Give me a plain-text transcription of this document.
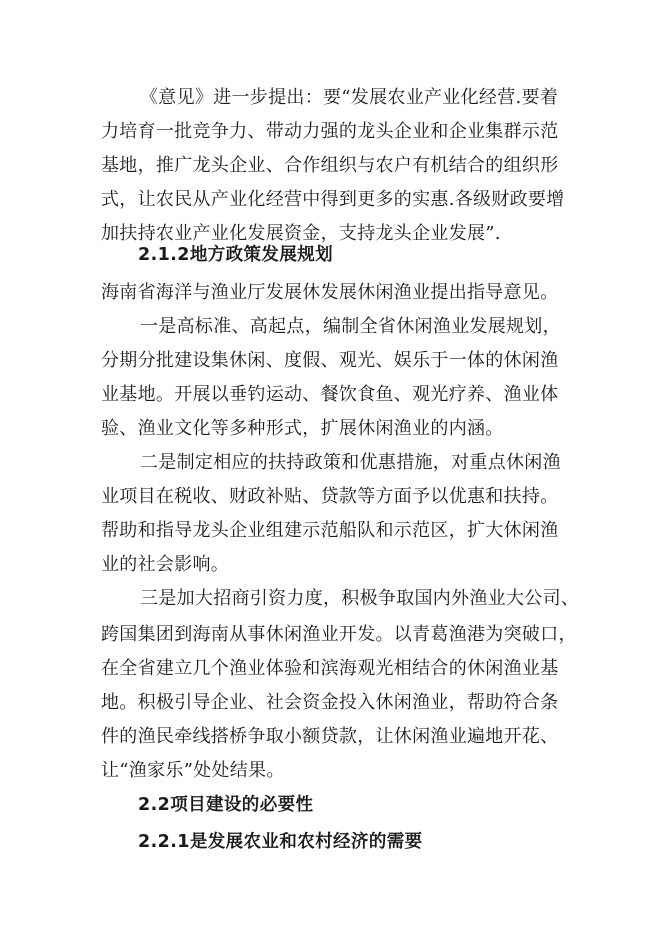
《意见》进一步提出：要“发展农业产业化经营.要着
力培育一批竞争力、带动力强的龙头企业和企业集群示范
基地，推广龙头企业、合作组织与农户有机结合的组织形
式，让农民从产业化经营中得到更多的实惠.各级财政要增
加扶持农业产业化发展资金，支持龙头企业发展”.
2.1.2地方政策发展规划
海南省海洋与渔业厅发展休发展休闲渔业提出指导意见。
一是高标准、高起点，编制全省休闲渔业发展规划，
分期分批建设集休闲、度假、观光、娱乐于一体的休闲渔
业基地。开展以垂钓运动、餐饮食鱼、观光疗养、渔业体
验、渔业文化等多种形式，扩展休闲渔业的内涵。
二是制定相应的扶持政策和优惠措施，对重点休闲渔
业项目在税收、财政补贴、贷款等方面予以优惠和扶持。
帮助和指导龙头企业组建示范船队和示范区，扩大休闲渔
业的社会影响。
三是加大招商引资力度，积极争取国内外渔业大公司、
跨国集团到海南从事休闲渔业开发。以青葛渔港为突破口，
在全省建立几个渔业体验和滨海观光相结合的休闲渔业基
地。积极引导企业、社会资金投入休闲渔业，帮助符合条
件的渔民牵线搭桥争取小额贷款，让休闲渔业遍地开花、
让“渔家乐”处处结果。
2.2项目建设的必要性
2.2.1是发展农业和农村经济的需要
